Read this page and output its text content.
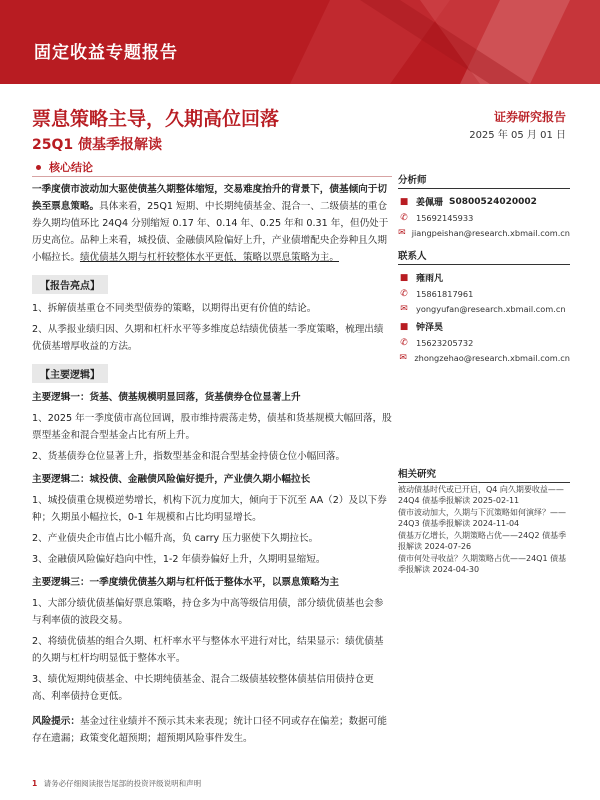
固定收益专题报告
票息策略主导，久期高位回落
25Q1 债基季报解读
证券研究报告
2025 年 05 月 01 日
核心结论

一季度债市波动加大驱使债基久期整体缩短，交易难度抬升的背景下，债基倾向于切换至票息策略。具体来看，25Q1 短期、中长期纯债基金、混合一、二级债基的重仓券久期均值环比 24Q4 分别缩短 0.17 年、0.14 年、0.25 年和 0.31 年，但仍处于历史高位。品种上来看，城投债、金融债风险偏好上升，产业债增配央企券种且久期小幅拉长。绩优债基久期与杠杆较整体水平更低，策略以票息策略为主。

【报告亮点】

1、拆解债基重仓不同类型债券的策略，以期得出更有价值的结论。

2、从季报业绩归因、久期和杠杆水平等多维度总结绩优债基一季度策略，梳理出绩优债基增厚收益的方法。

【主要逻辑】

主要逻辑一：货基、债基规模明显回落，货基债券仓位显著上升

1、2025 年一季度债市高位回调，股市维持震荡走势，债基和货基规模大幅回落，股票型基金和混合型基金占比有所上升。

2、货基债券仓位显著上升，指数型基金和混合型基金持债仓位小幅回落。

主要逻辑二：城投债、金融债风险偏好提升，产业债久期小幅拉长

1、城投债重仓规模逆势增长，机构下沉力度加大，倾向于下沉至 AA（2）及以下券种；久期虽小幅拉长，0-1 年规模和占比均明显增长。

2、产业债央企市值占比小幅升高，负 carry 压力驱使下久期拉长。

3、金融债风险偏好趋向中性，1-2 年债券偏好上升，久期明显缩短。

主要逻辑三：一季度绩优债基久期与杠杆低于整体水平，以票息策略为主

1、大部分绩优债基偏好票息策略，持仓多为中高等级信用债，部分绩优债基也会参与利率债的波段交易。

2、将绩优债基的组合久期、杠杆率水平与整体水平进行对比，结果显示：绩优债基的久期与杠杆均明显低于整体水平。

3、绩优短期纯债基金、中长期纯债基金、混合二级债基较整体债基信用债持仓更高、利率债持仓更低。

风险提示：基金过往业绩并不预示其未来表现；统计口径不同或存在偏差；数据可能存在遗漏；政策变化超预期；超预期风险事件发生。

分析师
■ 姜佩珊 S0800524020002
✆ 15692145933
✉ jiangpeishan@research.xbmail.com.cn
联系人
■ 雍雨凡
✆ 15861817961
✉ yongyufan@research.xbmail.com.cn
■ 钟泽昊
✆ 15623205732
✉ zhongzehao@research.xbmail.com.cn
相关研究
被动债基时代或已开启，Q4 向久期要收益——24Q4 债基季报解读 2025-02-11
债市波动加大，久期与下沉策略如何演绎？——24Q3 债基季报解读 2024-11-04
债基万亿增长，久期策略占优——24Q2 债基季报解读 2024-07-26
债市何处寻收益？久期策略占优——24Q1 债基季报解读 2024-04-30
1 请务必仔细阅读报告尾部的投资评级说明和声明
